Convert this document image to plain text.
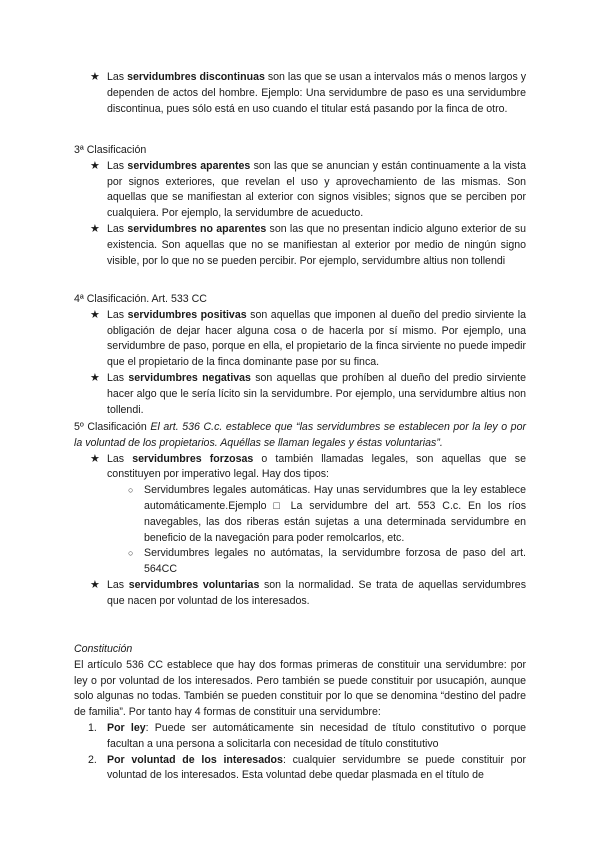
★ Las servidumbres discontinuas son las que se usan a intervalos más o menos largos y dependen de actos del hombre. Ejemplo: Una servidumbre de paso es una servidumbre discontinua, pues sólo está en uso cuando el titular está pasando por la finca de otro.
3ª Clasificación
★ Las servidumbres aparentes son las que se anuncian y están continuamente a la vista por signos exteriores, que revelan el uso y aprovechamiento de las mismas. Son aquellas que se manifiestan al exterior con signos visibles; signos que se perciben por cualquiera. Por ejemplo, la servidumbre de acueducto.
★ Las servidumbres no aparentes son las que no presentan indicio alguno exterior de su existencia. Son aquellas que no se manifiestan al exterior por medio de ningún signo visible, por lo que no se pueden percibir. Por ejemplo, servidumbre altius non tollendi
4ª Clasificación. Art. 533 CC
★ Las servidumbres positivas son aquellas que imponen al dueño del predio sirviente la obligación de dejar hacer alguna cosa o de hacerla por sí mismo. Por ejemplo, una servidumbre de paso, porque en ella, el propietario de la finca sirviente no puede impedir que el propietario de la finca dominante pase por su finca.
★ Las servidumbres negativas son aquellas que prohíben al dueño del predio sirviente hacer algo que le sería lícito sin la servidumbre. Por ejemplo, una servidumbre altius non tollendi.
5º Clasificación El art. 536 C.c. establece que “las servidumbres se establecen por la ley o por la voluntad de los propietarios. Aquéllas se llaman legales y éstas voluntarias”.
★ Las servidumbres forzosas o también llamadas legales, son aquellas que se constituyen por imperativo legal. Hay dos tipos:
○ Servidumbres legales automáticas. Hay unas servidumbres que la ley establece automáticamente.Ejemplo □ La servidumbre del art. 553 C.c. En los ríos navegables, las dos riberas están sujetas a una determinada servidumbre en beneficio de la navegación para poder remolcarlos, etc.
○ Servidumbres legales no autómatas, la servidumbre forzosa de paso del art. 564CC
★ Las servidumbres voluntarias son la normalidad. Se trata de aquellas servidumbres que nacen por voluntad de los interesados.
Constitución
El artículo 536 CC establece que hay dos formas primeras de constituir una servidumbre: por ley o por voluntad de los interesados. Pero también se puede constituir por usucapión, aunque solo algunas no todas. También se pueden constituir por lo que se denomina “destino del padre de familia”. Por tanto hay 4 formas de constituir una servidumbre:
1. Por ley: Puede ser automáticamente sin necesidad de título constitutivo o porque facultan a una persona a solicitarla con necesidad de título constitutivo
2. Por voluntad de los interesados: cualquier servidumbre se puede constituir por voluntad de los interesados. Esta voluntad debe quedar plasmada en el título de
